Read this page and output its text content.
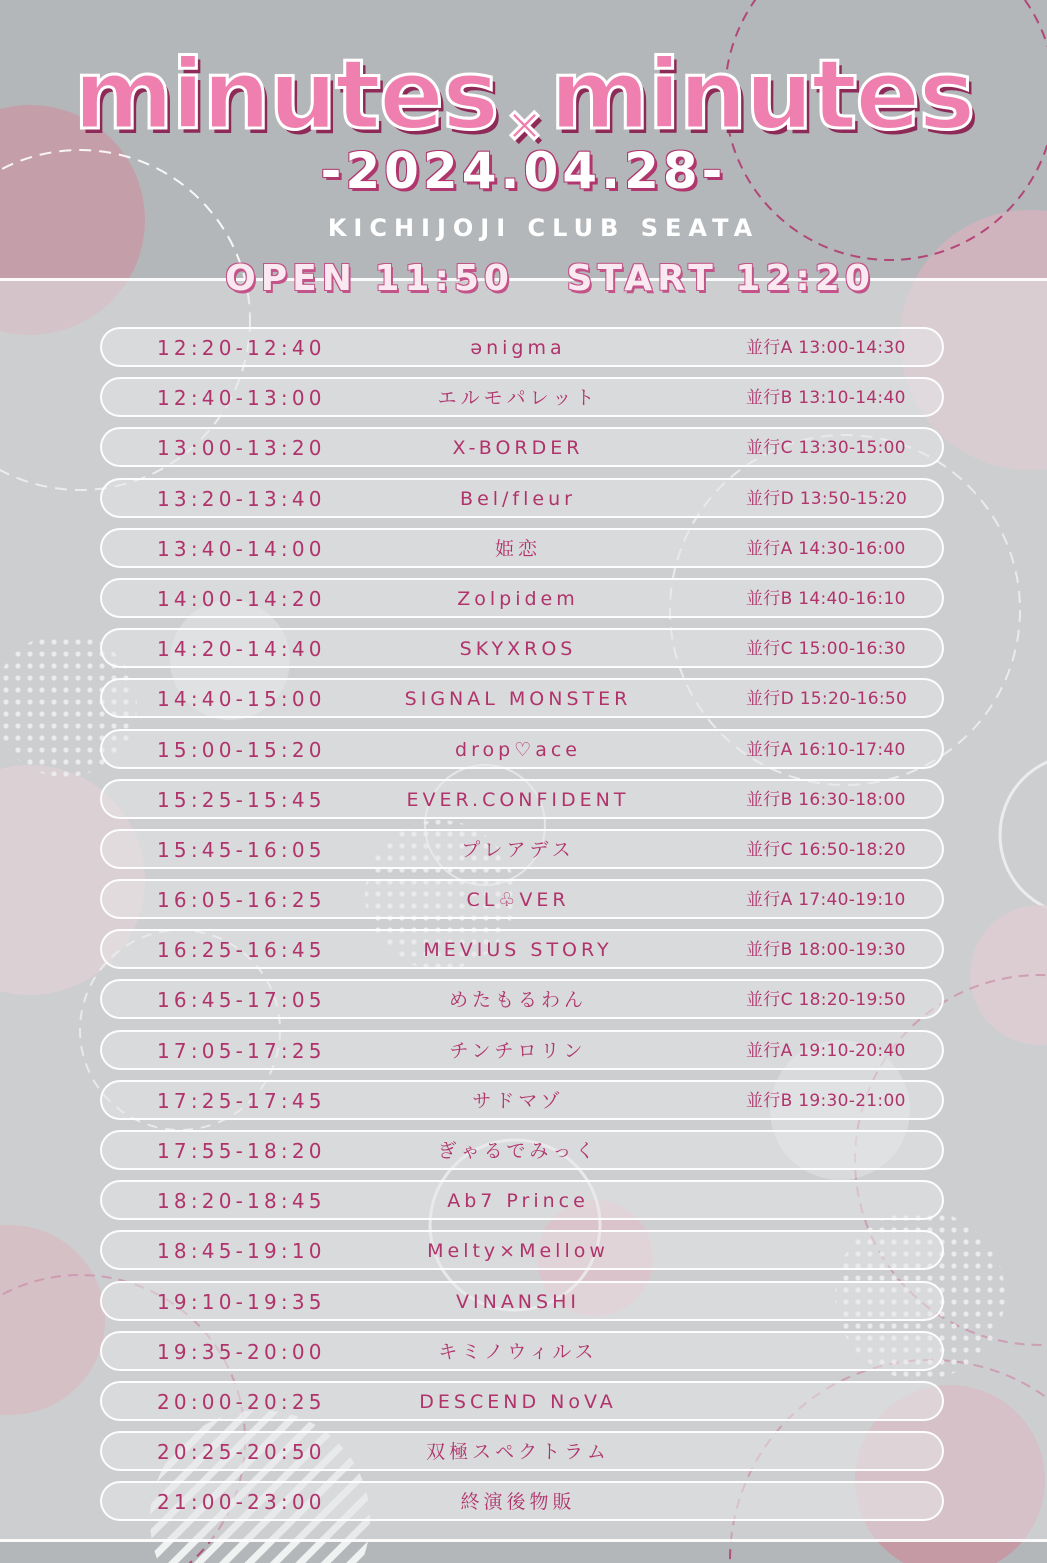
minutes ×minutes
-2024.04.28-
KICHIJOJI CLUB SEATA
OPEN 11:50   START 12:20
12:20-12:40	ənigma	並行A 13:00-14:30
12:40-13:00	エルモパレット	並行B 13:10-14:40
13:00-13:20	X-BORDER	並行C 13:30-15:00
13:20-13:40	Bel/fleur	並行D 13:50-15:20
13:40-14:00	姫恋	並行A 14:30-16:00
14:00-14:20	Zolpidem	並行B 14:40-16:10
14:20-14:40	SKYXROS	並行C 15:00-16:30
14:40-15:00	SIGNAL MONSTER	並行D 15:20-16:50
15:00-15:20	drop♡ace	並行A 16:10-17:40
15:25-15:45	EVER.CONFIDENT	並行B 16:30-18:00
15:45-16:05	プレアデス	並行C 16:50-18:20
16:05-16:25	CL♧VER	並行A 17:40-19:10
16:25-16:45	MEVIUS STORY	並行B 18:00-19:30
16:45-17:05	めたもるわん	並行C 18:20-19:50
17:05-17:25	チンチロリン	並行A 19:10-20:40
17:25-17:45	サドマゾ	並行B 19:30-21:00
17:55-18:20	ぎゃるでみっく
18:20-18:45	Ab7 Prince
18:45-19:10	Melty×Mellow
19:10-19:35	VINANSHI
19:35-20:00	キミノウィルス
20:00-20:25	DESCEND NoVA
20:25-20:50	双極スペクトラム
21:00-23:00	終演後物販
